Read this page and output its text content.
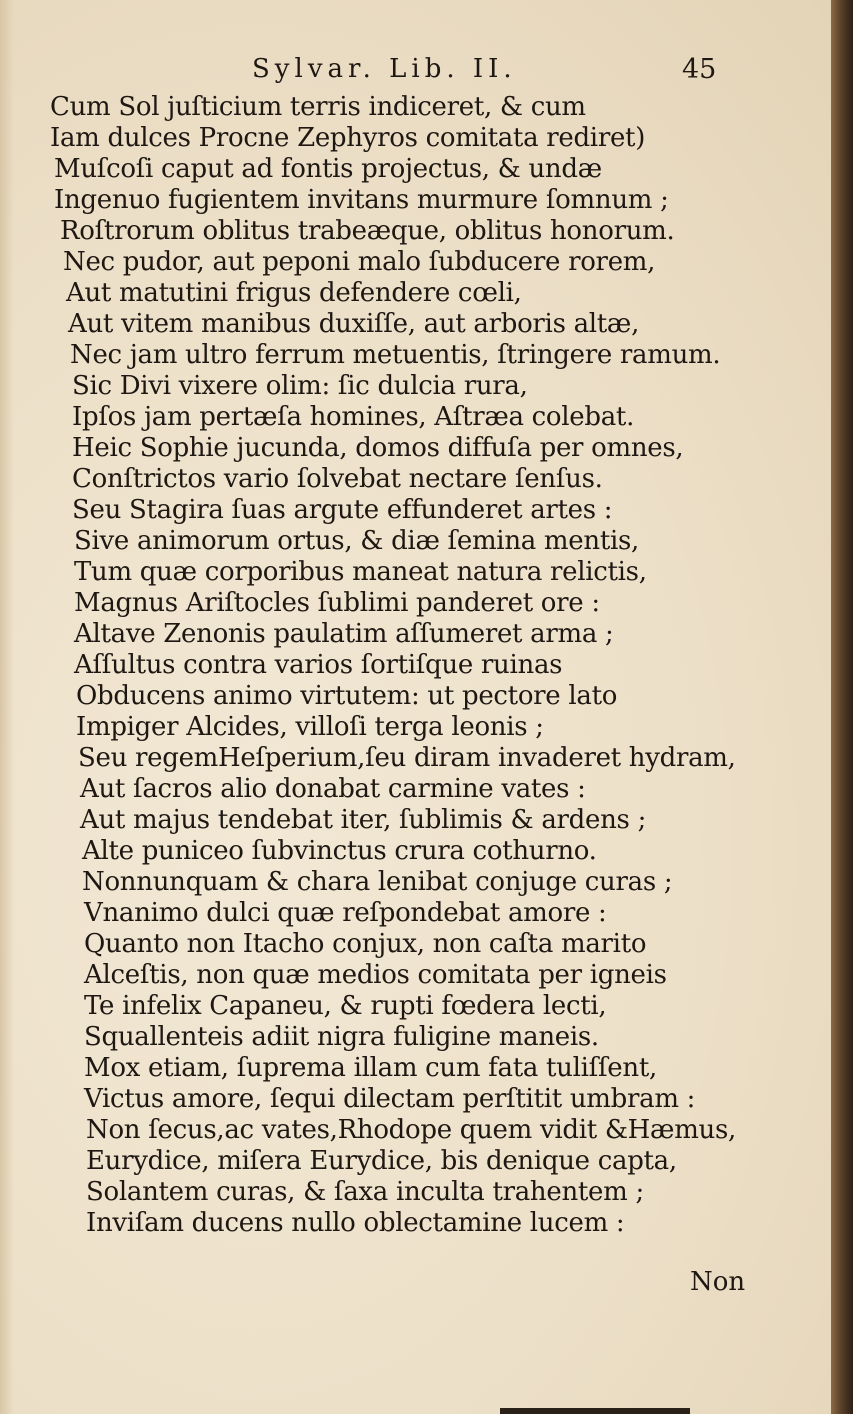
Sylvar. Lib. II.	45
Cum Sol juſticium terris indiceret, & cum
Iam dulces Procne Zephyros comitata rediret)
Muſcoſi caput ad fontis projectus, & undæ
Ingenuo fugientem invitans murmure ſomnum ;
Roſtrorum oblitus trabeæque, oblitus honorum.
Nec pudor, aut peponi malo ſubducere rorem,
Aut matutini frigus defendere cœli,
Aut vitem manibus duxiſſe, aut arboris altæ,
Nec jam ultro ferrum metuentis, ſtringere ramum.
Sic Divi vixere olim: ſic dulcia rura,
Ipſos jam pertæſa homines, Aſtræa colebat.
Heic Sophie jucunda, domos diffuſa per omnes,
Conſtrictos vario ſolvebat nectare ſenſus.
Seu Stagira ſuas argute effunderet artes :
Sive animorum ortus, & diæ ſemina mentis,
Tum quæ corporibus maneat natura relictis,
Magnus Ariſtocles ſublimi panderet ore :
Altave Zenonis paulatim aſſumeret arma ;
Aſſultus contra varios ſortiſque ruinas
Obducens animo virtutem: ut pectore lato
Impiger Alcides, villoſi terga leonis ;
Seu regemHeſperium,ſeu diram invaderet hydram,
Aut ſacros alio donabat carmine vates :
Aut majus tendebat iter, ſublimis & ardens ;
Alte puniceo ſubvinctus crura cothurno.
Nonnunquam & chara lenibat conjuge curas ;
Vnanimo dulci quæ reſpondebat amore :
Quanto non Itacho conjux, non caſta marito
Alceſtis, non quæ medios comitata per igneis
Te infelix Capaneu, & rupti fœdera lecti,
Squallenteis adiit nigra fuligine maneis.
Mox etiam, ſuprema illam cum fata tuliſſent,
Victus amore, ſequi dilectam perſtitit umbram :
Non ſecus,ac vates,Rhodope quem vidit &Hæmus,
Eurydice, miſera Eurydice, bis denique capta,
Solantem curas, & ſaxa inculta trahentem ;
Inviſam ducens nullo oblectamine lucem :
Non
